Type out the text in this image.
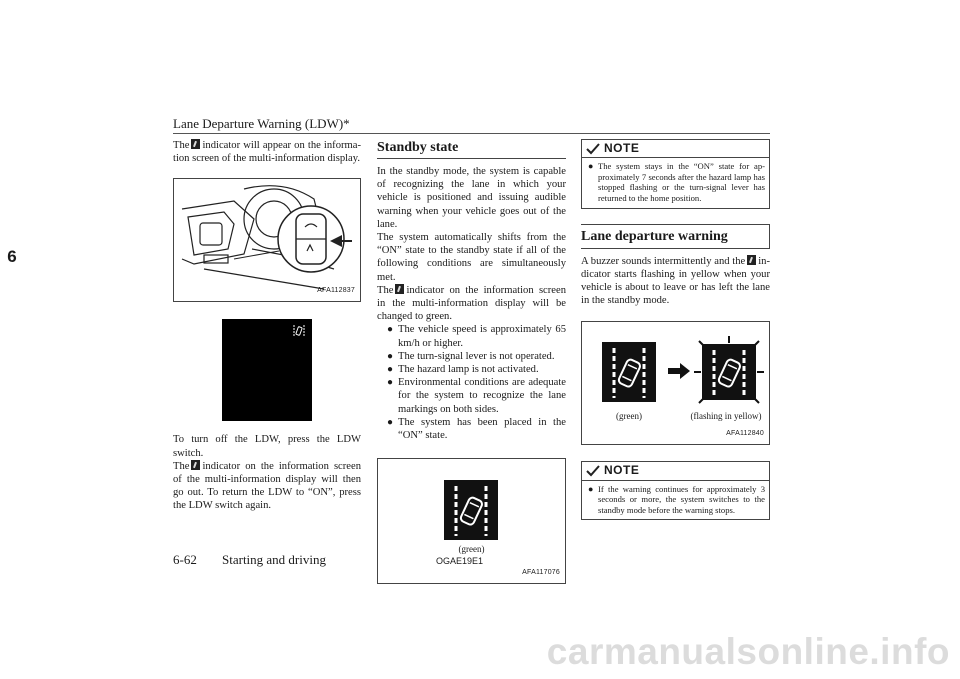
Lane Departure Warning (LDW)*
6

The indicator will appear on the informa-tion screen of the multi-information display.

AFA112837

To turn off the LDW, press the LDW switch.

The indicator on the information screen of the multi-information display will then go out. To return the LDW to “ON”, press the LDW switch again.

Standby state

In the standby mode, the system is capable of recognizing the lane in which your vehicle is positioned and issuing audible warning when your vehicle goes out of the lane.

The system automatically shifts from the “ON” state to the standby state if all of the following conditions are simultaneously met.

The indicator on the information screen in the multi-information display will be changed to green.

● The vehicle speed is approximately 65 km/h or higher.
● The turn-signal lever is not operated.
● The hazard lamp is not activated.
● Environmental conditions are adequate for the system to recognize the lane markings on both sides.
● The system has been placed in the “ON” state.
(green)
AFA117076
NOTE
● The system stays in the “ON” state for ap-proximately 7 seconds after the hazard lamp has stopped flashing or the turn-signal lever has returned to the home position.
Lane departure warning

A buzzer sounds intermittently and the in-dicator starts flashing in yellow when your vehicle is about to leave or has left the lane in the standby mode.

(green)	(flashing in yellow)
AFA112840
NOTE
● If the warning continues for approximately 3 seconds or more, the system switches to the standby mode before the warning stops.
6-62 Starting and driving	OGAE19E1
carmanualsonline.info
